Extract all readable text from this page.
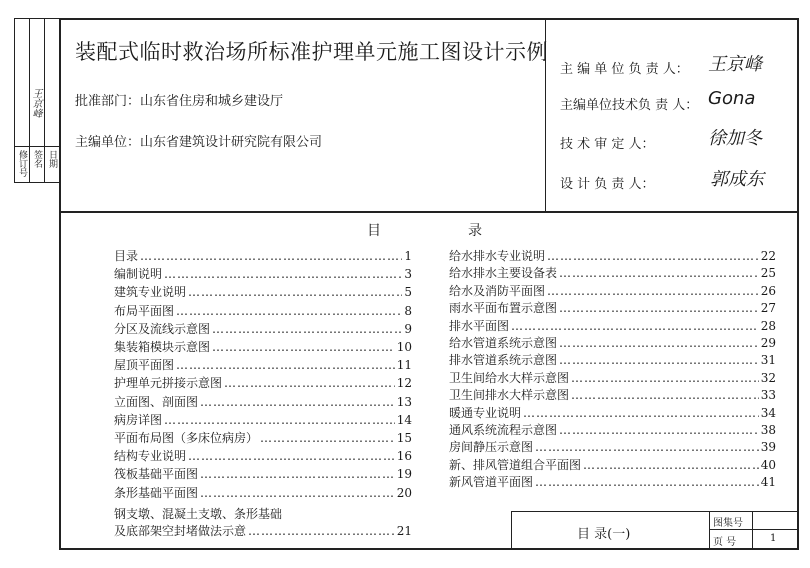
王京峰
修订号 签名 日期
装配式临时救治场所标准护理单元施工图设计示例
批准部门：山东省住房和城乡建设厅
主编单位：山东省建筑设计研究院有限公司
主 编 单 位 负 责 人： 王京峰
主编单位技术负 责 人： Gona
技 术 审 定 人：	徐加冬
设 计 负 责 人：	郭成东
目	录
目录 ……………………………………………………………………………………………………………………………………………………	1
编制说明 ……………………………………………………………………………………………………………………………………………………	3
建筑专业说明 ……………………………………………………………………………………………………………………………………………………	5
布局平面图 ……………………………………………………………………………………………………………………………………………………	8
分区及流线示意图 ……………………………………………………………………………………………………………………………………………………	9
集装箱模块示意图 ……………………………………………………………………………………………………………………………………………………	10
屋顶平面图 ……………………………………………………………………………………………………………………………………………………	11
护理单元拼接示意图 ……………………………………………………………………………………………………………………………………………………	12
立面图、剖面图 ……………………………………………………………………………………………………………………………………………………	13
病房详图 ……………………………………………………………………………………………………………………………………………………	14
平面布局图（多床位病房） ……………………………………………………………………………………………………………………………………………………	15
结构专业说明 ……………………………………………………………………………………………………………………………………………………	16
筏板基础平面图 ……………………………………………………………………………………………………………………………………………………	19
条形基础平面图 ……………………………………………………………………………………………………………………………………………………	20
钢支墩、混凝土支墩、条形基础
及底部架空封堵做法示意 ……………………………………………………………………………………………………………………………………………………	21
给水排水专业说明 ……………………………………………………………………………………………………………………………………………………	22
给水排水主要设备表 ……………………………………………………………………………………………………………………………………………………	25
给水及消防平面图 ……………………………………………………………………………………………………………………………………………………	26
雨水平面布置示意图 ……………………………………………………………………………………………………………………………………………………	27
排水平面图 ……………………………………………………………………………………………………………………………………………………	28
给水管道系统示意图 ……………………………………………………………………………………………………………………………………………………	29
排水管道系统示意图 ……………………………………………………………………………………………………………………………………………………	31
卫生间给水大样示意图 ……………………………………………………………………………………………………………………………………………………	32
卫生间排水大样示意图 ……………………………………………………………………………………………………………………………………………………	33
暖通专业说明 ……………………………………………………………………………………………………………………………………………………	34
通风系统流程示意图 ……………………………………………………………………………………………………………………………………………………	38
房间静压示意图 ……………………………………………………………………………………………………………………………………………………	39
新、排风管道组合平面图 ……………………………………………………………………………………………………………………………………………………	40
新风管道平面图 ……………………………………………………………………………………………………………………………………………………	41
目 录(一)
图集号
页 号	1
